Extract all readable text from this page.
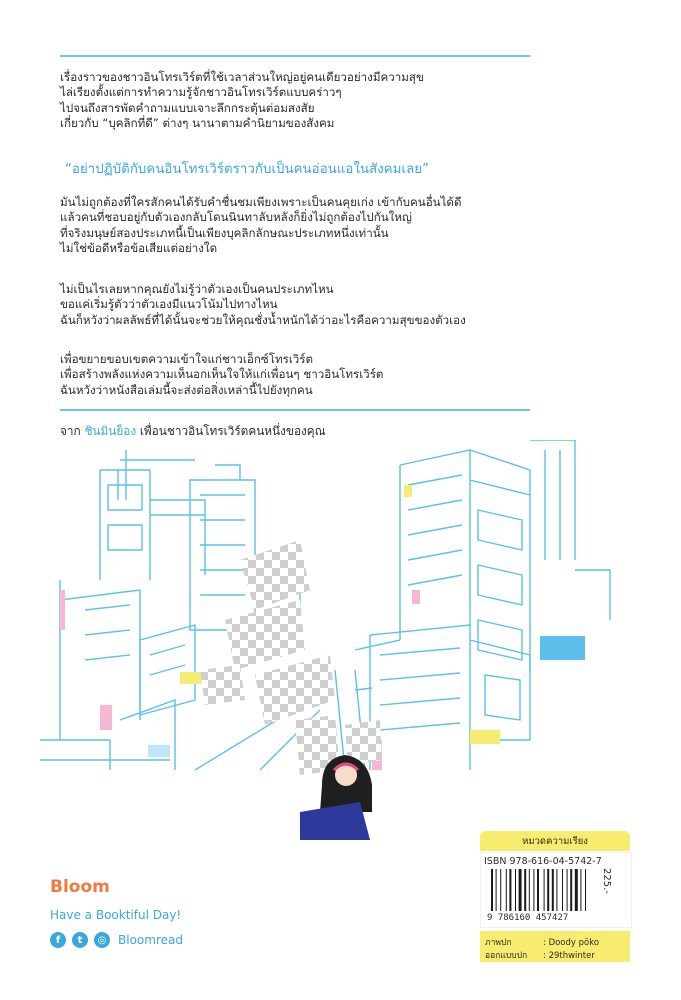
เรื่องราวของชาวอินโทรเวิร์ตที่ใช้เวลาส่วนใหญ่อยู่คนเดียวอย่างมีความสุข
ไล่เรียงตั้งแต่การทำความรู้จักชาวอินโทรเวิร์ตแบบคร่าวๆ
ไปจนถึงสารพัดคำถามแบบเจาะลึกกระตุ้นต่อมสงสัย
เกี่ยวกับ “บุคลิกที่ดี” ต่างๆ นานาตามคำนิยามของสังคม
“อย่าปฏิบัติกับคนอินโทรเวิร์ตราวกับเป็นคนอ่อนแอในสังคมเลย”
มันไม่ถูกต้องที่ใครสักคนได้รับคำชื่นชมเพียงเพราะเป็นคนคุยเก่ง เข้ากับคนอื่นได้ดี
แล้วคนที่ชอบอยู่กับตัวเองกลับโดนนินทาลับหลังก็ยิ่งไม่ถูกต้องไปกันใหญ่
ที่จริงมนุษย์สองประเภทนี้เป็นเพียงบุคลิกลักษณะประเภทหนึ่งเท่านั้น
ไม่ใช่ข้อดีหรือข้อเสียแต่อย่างใด
ไม่เป็นไรเลยหากคุณยังไม่รู้ว่าตัวเองเป็นคนประเภทไหน
ขอแค่เริ่มรู้ตัวว่าตัวเองมีแนวโน้มไปทางไหน
ฉันก็หวังว่าผลลัพธ์ที่ได้นั้นจะช่วยให้คุณชั่งน้ำหนักได้ว่าอะไรคือความสุขของตัวเอง
เพื่อขยายขอบเขตความเข้าใจแก่ชาวเอ็กซ์โทรเวิร์ต
เพื่อสร้างพลังแห่งความเห็นอกเห็นใจให้แก่เพื่อนๆ ชาวอินโทรเวิร์ต
ฉันหวังว่าหนังสือเล่มนี้จะส่งต่อสิ่งเหล่านี้ไปยังทุกคน
จาก ชินมินย็อง เพื่อนชาวอินโทรเวิร์ตคนหนึ่งของคุณ
Bloom
Have a Booktiful Day!
f	t	◎ Bloomread
หมวดความเรียง
9 786160 457427
ISBN 978-616-04-5742-7
225.-
ภาพปก	: Doody pōko
ออกแบบปก : 29thwinter
